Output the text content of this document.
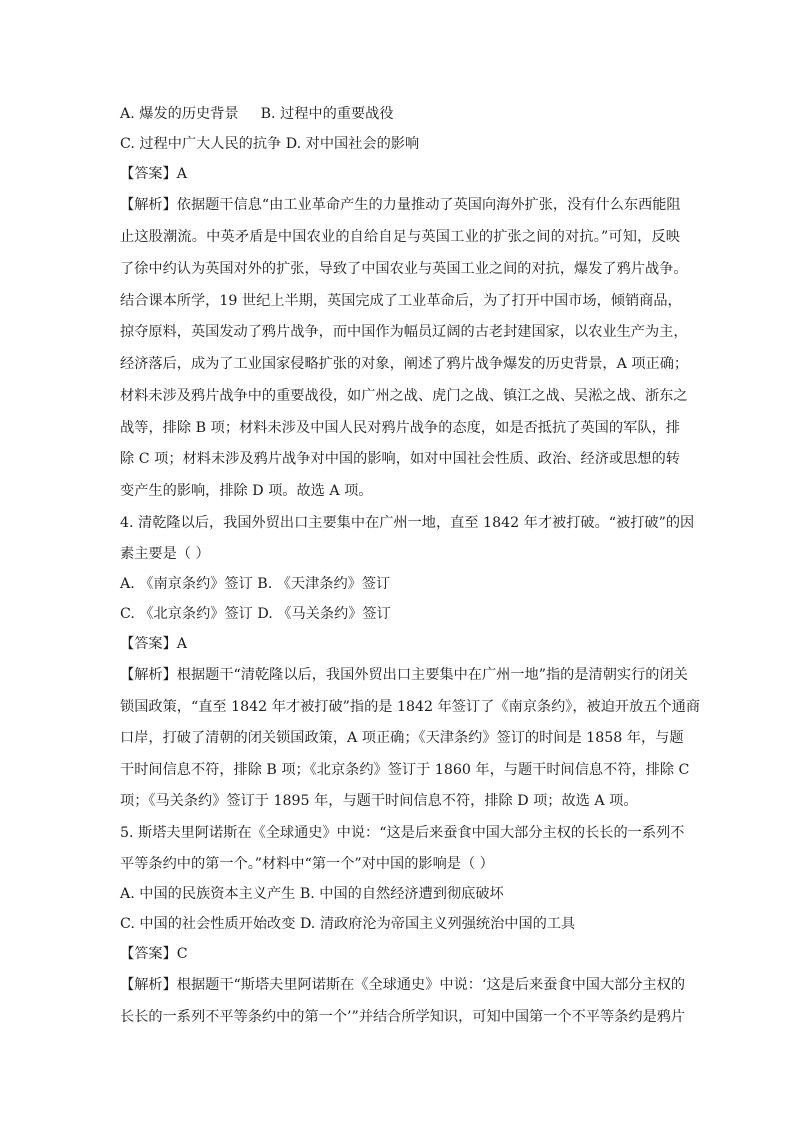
A. 爆发的历史背景 B. 过程中的重要战役
C. 过程中广大人民的抗争 D. 对中国社会的影响
【答案】A
【解析】依据题干信息“由工业革命产生的力量推动了英国向海外扩张，没有什么东西能阻
止这股潮流。中英矛盾是中国农业的自给自足与英国工业的扩张之间的对抗。”可知，反映
了徐中约认为英国对外的扩张，导致了中国农业与英国工业之间的对抗，爆发了鸦片战争。
结合课本所学，19 世纪上半期，英国完成了工业革命后，为了打开中国市场，倾销商品，
掠夺原料，英国发动了鸦片战争，而中国作为幅员辽阔的古老封建国家，以农业生产为主，
经济落后，成为了工业国家侵略扩张的对象，阐述了鸦片战争爆发的历史背景，A 项正确；
材料未涉及鸦片战争中的重要战役，如广州之战、虎门之战、镇江之战、吴淞之战、浙东之
战等，排除 B 项；材料未涉及中国人民对鸦片战争的态度，如是否抵抗了英国的军队，排
除 C 项；材料未涉及鸦片战争对中国的影响，如对中国社会性质、政治、经济或思想的转
变产生的影响，排除 D 项。故选 A 项。
4. 清乾隆以后，我国外贸出口主要集中在广州一地，直至 1842 年才被打破。“被打破”的因
素主要是（ ）
A. 《南京条约》签订 B. 《天津条约》签订
C. 《北京条约》签订 D. 《马关条约》签订
【答案】A
【解析】根据题干“清乾隆以后，我国外贸出口主要集中在广州一地”指的是清朝实行的闭关
锁国政策，“直至 1842 年才被打破”指的是 1842 年签订了《南京条约》，被迫开放五个通商
口岸，打破了清朝的闭关锁国政策，A 项正确；《天津条约》签订的时间是 1858 年，与题
干时间信息不符，排除 B 项；《北京条约》签订于 1860 年，与题干时间信息不符，排除 C
项；《马关条约》签订于 1895 年，与题干时间信息不符，排除 D 项；故选 A 项。
5. 斯塔夫里阿诺斯在《全球通史》中说：“这是后来蚕食中国大部分主权的长长的一系列不
平等条约中的第一个。”材料中“第一个”对中国的影响是（ ）
A. 中国的民族资本主义产生 B. 中国的自然经济遭到彻底破坏
C. 中国的社会性质开始改变 D. 清政府沦为帝国主义列强统治中国的工具
【答案】C
【解析】根据题干“斯塔夫里阿诺斯在《全球通史》中说：‘这是后来蚕食中国大部分主权的
长长的一系列不平等条约中的第一个’”并结合所学知识，可知中国第一个不平等条约是鸦片
